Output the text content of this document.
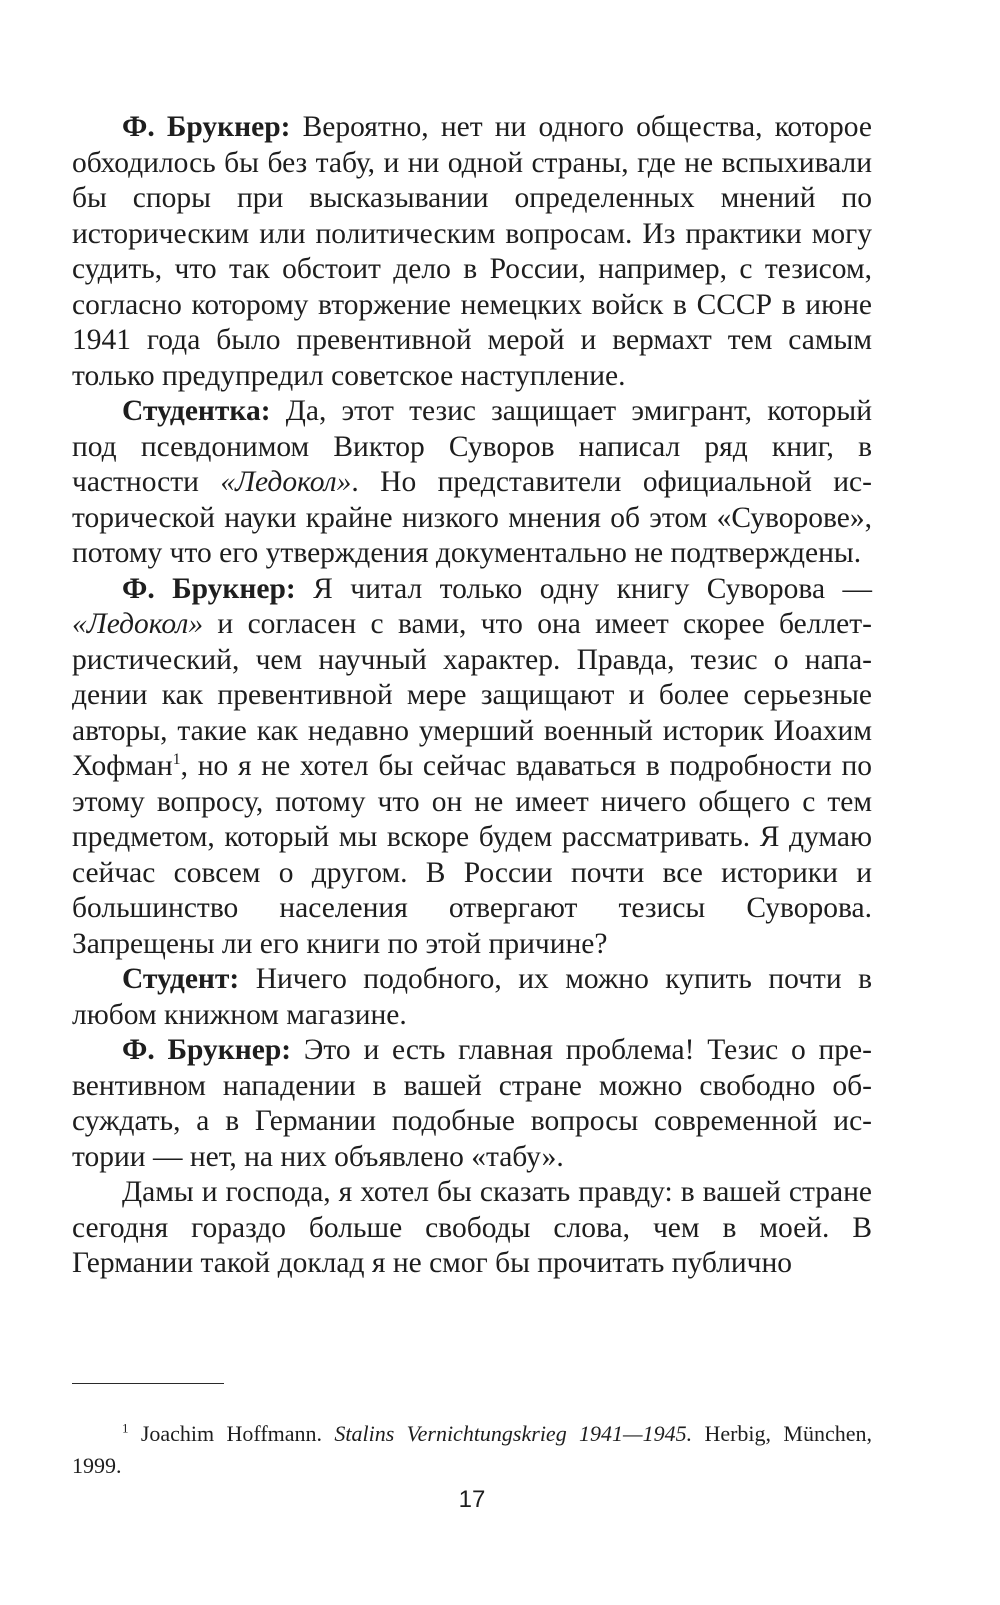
Ф. Брукнер: Вероятно, нет ни одного общества, которое обходилось бы без табу, и ни одной страны, где не вспыхивали бы споры при высказывании определенных мнений по историческим или политическим вопросам. Из практики могу судить, что так обстоит дело в России, например, с тезисом, согласно которому вторжение немецких войск в СССР в июне 1941 года было превентивной мерой и вермахт тем самым только предупредил советское наступление.

Студентка: Да, этот тезис защищает эмигрант, который под псевдонимом Виктор Суворов написал ряд книг, в частности «Ледокол». Но представители официальной исторической науки крайне низкого мнения об этом «Суворове», потому что его утверждения документально не подтверждены.

Ф. Брукнер: Я читал только одну книгу Суворова — «Ледокол» и согласен с вами, что она имеет скорее беллетристический, чем научный характер. Правда, тезис о нападении как превентивной мере защищают и более серьезные авторы, такие как недавно умерший военный историк Иоахим Хофман$^1$, но я не хотел бы сейчас вдаваться в подробности по этому вопросу, потому что он не имеет ничего общего с тем предметом, который мы вскоре будем рассматривать. Я думаю сейчас совсем о другом. В России почти все историки и большинство населения отвергают тезисы Суворова. Запрещены ли его книги по этой причине?

Студент: Ничего подобного, их можно купить почти в любом книжном магазине.

Ф. Брукнер: Это и есть главная проблема! Тезис о превентивном нападении в вашей стране можно свободно обсуждать, а в Германии подобные вопросы современной истории — нет, на них объявлено «табу».

Дамы и господа, я хотел бы сказать правду: в вашей стране сегодня гораздо больше свободы слова, чем в моей. В Германии такой доклад я не смог бы прочитать публично

$^1$ Joachim Hoffmann. Stalins Vernichtungskrieg 1941—1945. Herbig, München, 1999.

17
